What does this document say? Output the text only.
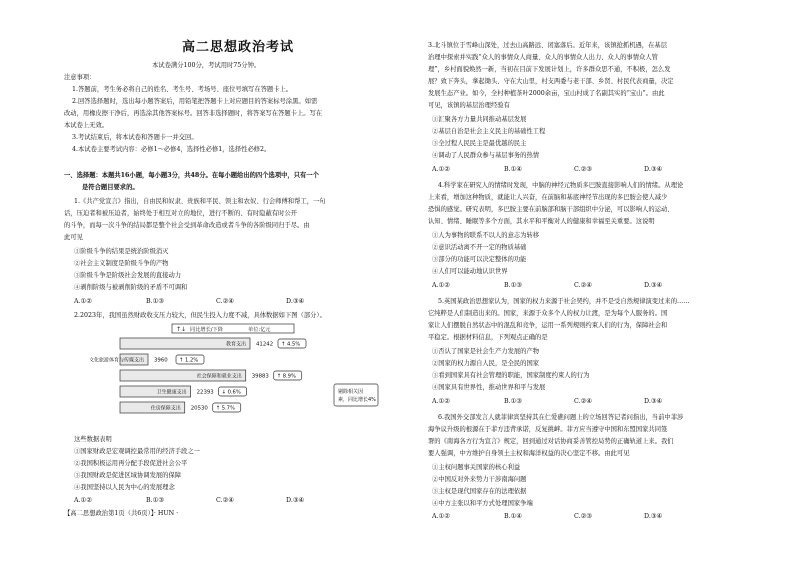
高二思想政治考试
本试卷满分100分，考试用时75分钟。
注意事项：
1.答题前，考生务必将自己的姓名、考生号、考场号、座位号填写在答题卡上。
2.回答选择题时，选出每小题答案后，用铅笔把答题卡上对应题目的答案标号涂黑。如需
改动，用橡皮擦干净后，再选涂其他答案标号。回答非选择题时，将答案写在答题卡上。写在
本试卷上无效。
3.考试结束后，将本试卷和答题卡一并交回。
4.本试卷主要考试内容：必修1～必修4，选择性必修1，选择性必修2。
一、选择题：本题共16小题，每小题3分，共48分。在每小题给出的四个选项中，只有一个
是符合题目要求的。
1.《共产党宣言》指出，自由民和奴隶、贵族和平民、领主和农奴、行会师傅和帮工，一句
话，压迫者和被压迫者，始终处于相互对立的地位，进行不断的、有时隐蔽有时公开
的斗争，而每一次斗争的结局都是整个社会受到革命改造或者斗争的各阶级同归于尽。由
此可见
①阶级斗争的结果是统治阶级消灭
②社会主义制度是阶级斗争的产物
③阶级斗争是阶级社会发展的直接动力
④剥削阶级与被剥削阶级的矛盾不可调和
A.①②	B.①③	C.②④	D.③④
2.2023年，我国虽然财政收支压力较大，但民生投入力度不减，具体数据如下图（部分）。
↑↓ 同比增长/下降	单位:亿元
教育支出 41242 ↑ 4.5%
文化旅游体育与传媒支出 3960 ↑ 1.2%
社会保障和就业支出 39883 ↑ 8.9%
卫生健康支出 22393 ↓ 0.6%
住房保障支出 20530 ↑ 5.7%
剔除相关因
素，同比增长4%
这些数据表明
①国家财政是宏观调控最常用的经济手段之一
②我国积极运用再分配手段促进社会公平
③我国财政是促进区域协调发展的保障
④我国坚持以人民为中心的发展理念
A.①②	B.①③	C.②④	D.③④
【高二思想政治第1页（共6页）】· HUN ·
3.北斗镇位于雪峰山深处，过去山高路远、闭塞落后。近年来，该镇抢抓机遇，在基层
治理中探索并实践“众人的事情众人商量、众人的事情众人出力、众人的事情众人管
理”，乡村面貌焕然一新，当初在目前下发展计划上，许多群众思不通，不积极，怎么发
展？致下奔头，拿起锄头、守在大山里，村支两委与老干部、乡贤、村民代表商量，决定
发展生态产业。如今，全村种植茶叶2000余亩，宝山村成了名副其实的“宝山”。由此
可见，该镇的基层治理经验有
①汇聚各方力量共同推动基层发展
②基层自治是社会主义民主的基础性工程
③全过程人民民主是最优越的民主
④调动了人民群众参与基层事务的热情
A.①②	B.①④	C.②③	D.③④
4.科学家在研究人的情绪时发现，中脑的神经元物质多巴胺直接影响人们的情绪。从理论
上来看，增加这种物质，就能让人兴奋，在前脑和基底神经节出现的多巴胺会使人减少
恐惧的感觉。研究表明，多巴胺主要在前脑部和脑干部组织中分泌，可以影响人的运动、
认知、情绪、睡眠等多个方面，其水平和平衡对人的健康和幸福至关重要。这说明
①人为事物的联系不以人的意志为转移
②意识活动离不开一定的物质基础
③部分的功能可以决定整体的功能
④人们可以能动地认识世界
A.①②	B.①③	C.②④	D.③④
5.英国某政治思想家认为，国家的权力来源于社会契约，并不是受自然规律演变过来的……
它纯粹是人们制造出来的。国家，来源于众多个人的权力让渡，是为每个人服务的。国
家让人们摆脱自然状态中的混乱和竞争，运用一系列规则约束人们的行为，保障社会和
平稳定。根据材料信息，下列观点正确的是
①否认了国家是社会生产力发展的产物
②国家的权力源自人民，是全民的国家
③看到国家具有社会管理的职能，国家制度约束人的行为
④国家具有世界性，推动世界和平与发展
A.①②	B.①③	C.②④	D.③④
6.我国外交部发言人就菲律宾坚持其在仁爱礁问题上的立场回答记者问指出，当前中菲涉
海争议升级的根源在于菲方违背承诺，反复挑衅。菲方应当遵守中国和东盟国家共同签
署的《南海各方行为宣言》规定，回到通过对话协商妥善管控局势的正确轨道上来。我们
要人强调，中方维护自身领土主权和海洋权益的决心坚定不移。由此可见
①主权问题事关国家的核心利益
②中国反对外来势力干涉南海问题
③主权是现代国家存在的法理依据
④中方主张以和平方式处理国家争端
A.①②	B.①④	C.②③	D.③④
